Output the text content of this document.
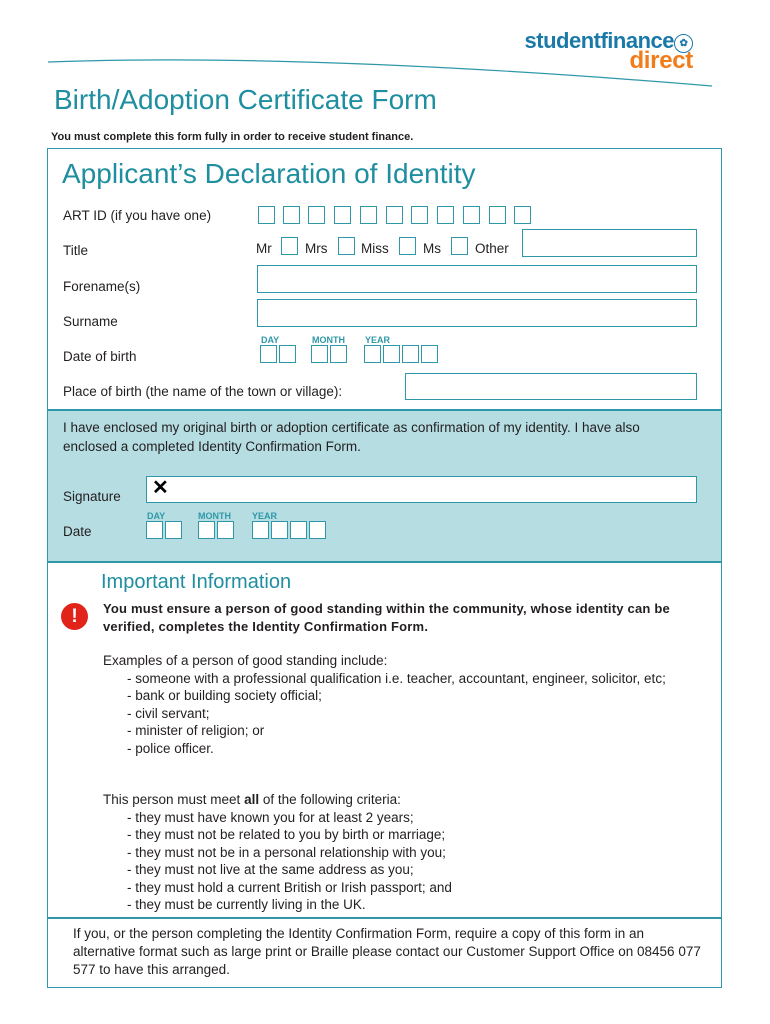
studentfinance ✿
direct
Birth/Adoption Certificate Form
You must complete this form fully in order to receive student finance.
Applicant’s Declaration of Identity
ART ID (if you have one)
Title	Mr Mrs Miss	Ms	Other
Forename(s)
Surname
DAY	MONTH YEAR
Date of birth
Place of birth (the name of the town or village):
I have enclosed my original birth or adoption certificate as confirmation of my identity. I have also enclosed a completed Identity Confirmation Form.
Signature ✕
DAY	MONTH YEAR
Date
Important Information
!	You must ensure a person of good standing within the community, whose identity can be verified, completes the Identity Confirmation Form.
Examples of a person of good standing include:
- someone with a professional qualification i.e. teacher, accountant, engineer, solicitor, etc;
- bank or building society official;
- civil servant;
- minister of religion; or
- police officer.
This person must meet all of the following criteria:
- they must have known you for at least 2 years;
- they must not be related to you by birth or marriage;
- they must not be in a personal relationship with you;
- they must not live at the same address as you;
- they must hold a current British or Irish passport; and
- they must be currently living in the UK.
If you, or the person completing the Identity Confirmation Form, require a copy of this form in an alternative format such as large print or Braille please contact our Customer Support Office on 08456 077 577 to have this arranged.
